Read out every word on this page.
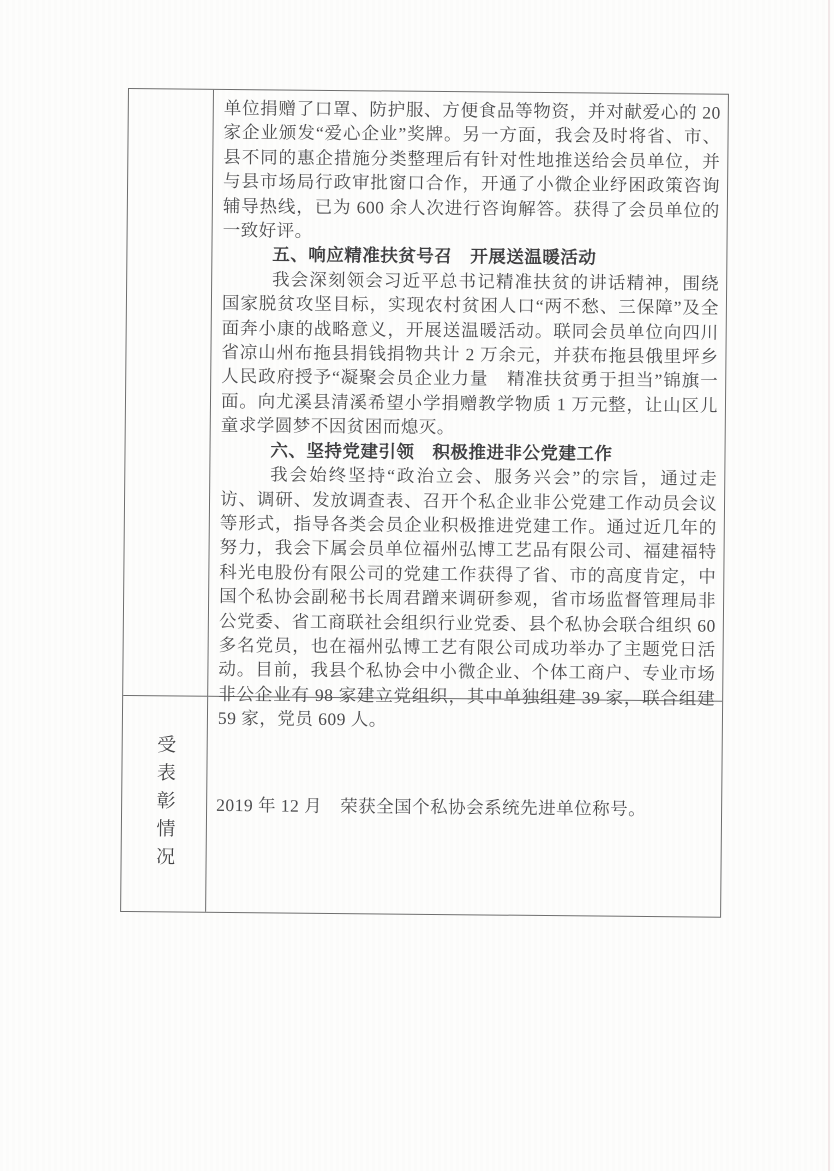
单位捐赠了口罩、防护服、方便食品等物资，并对献爱心的 20 家企业颁发“爱心企业”奖牌。另一方面，我会及时将省、市、县不同的惠企措施分类整理后有针对性地推送给会员单位，并与县市场局行政审批窗口合作，开通了小微企业纾困政策咨询辅导热线，已为 600 余人次进行咨询解答。获得了会员单位的一致好评。

五、响应精准扶贫号召　开展送温暖活动

我会深刻领会习近平总书记精准扶贫的讲话精神，围绕国家脱贫攻坚目标，实现农村贫困人口“两不愁、三保障”及全面奔小康的战略意义，开展送温暖活动。联同会员单位向四川省凉山州布拖县捐钱捐物共计 2 万余元，并获布拖县俄里坪乡人民政府授予“凝聚会员企业力量　精准扶贫勇于担当”锦旗一面。向尤溪县清溪希望小学捐赠教学物质 1 万元整，让山区儿童求学圆梦不因贫困而熄灭。

六、坚持党建引领　积极推进非公党建工作

我会始终坚持“政治立会、服务兴会”的宗旨，通过走访、调研、发放调查表、召开个私企业非公党建工作动员会议等形式，指导各类会员企业积极推进党建工作。通过近几年的努力，我会下属会员单位福州弘博工艺品有限公司、福建福特科光电股份有限公司的党建工作获得了省、市的高度肯定，中国个私协会副秘书长周君蹭来调研参观，省市场监督管理局非公党委、省工商联社会组织行业党委、县个私协会联合组织 60 多名党员，也在福州弘博工艺有限公司成功举办了主题党日活动。目前，我县个私协会中小微企业、个体工商户、专业市场非公企业有 98 家建立党组织，其中单独组建 39 家，联合组建 59 家，党员 609 人。

受表彰情况 2019 年 12 月　荣获全国个私协会系统先进单位称号。
